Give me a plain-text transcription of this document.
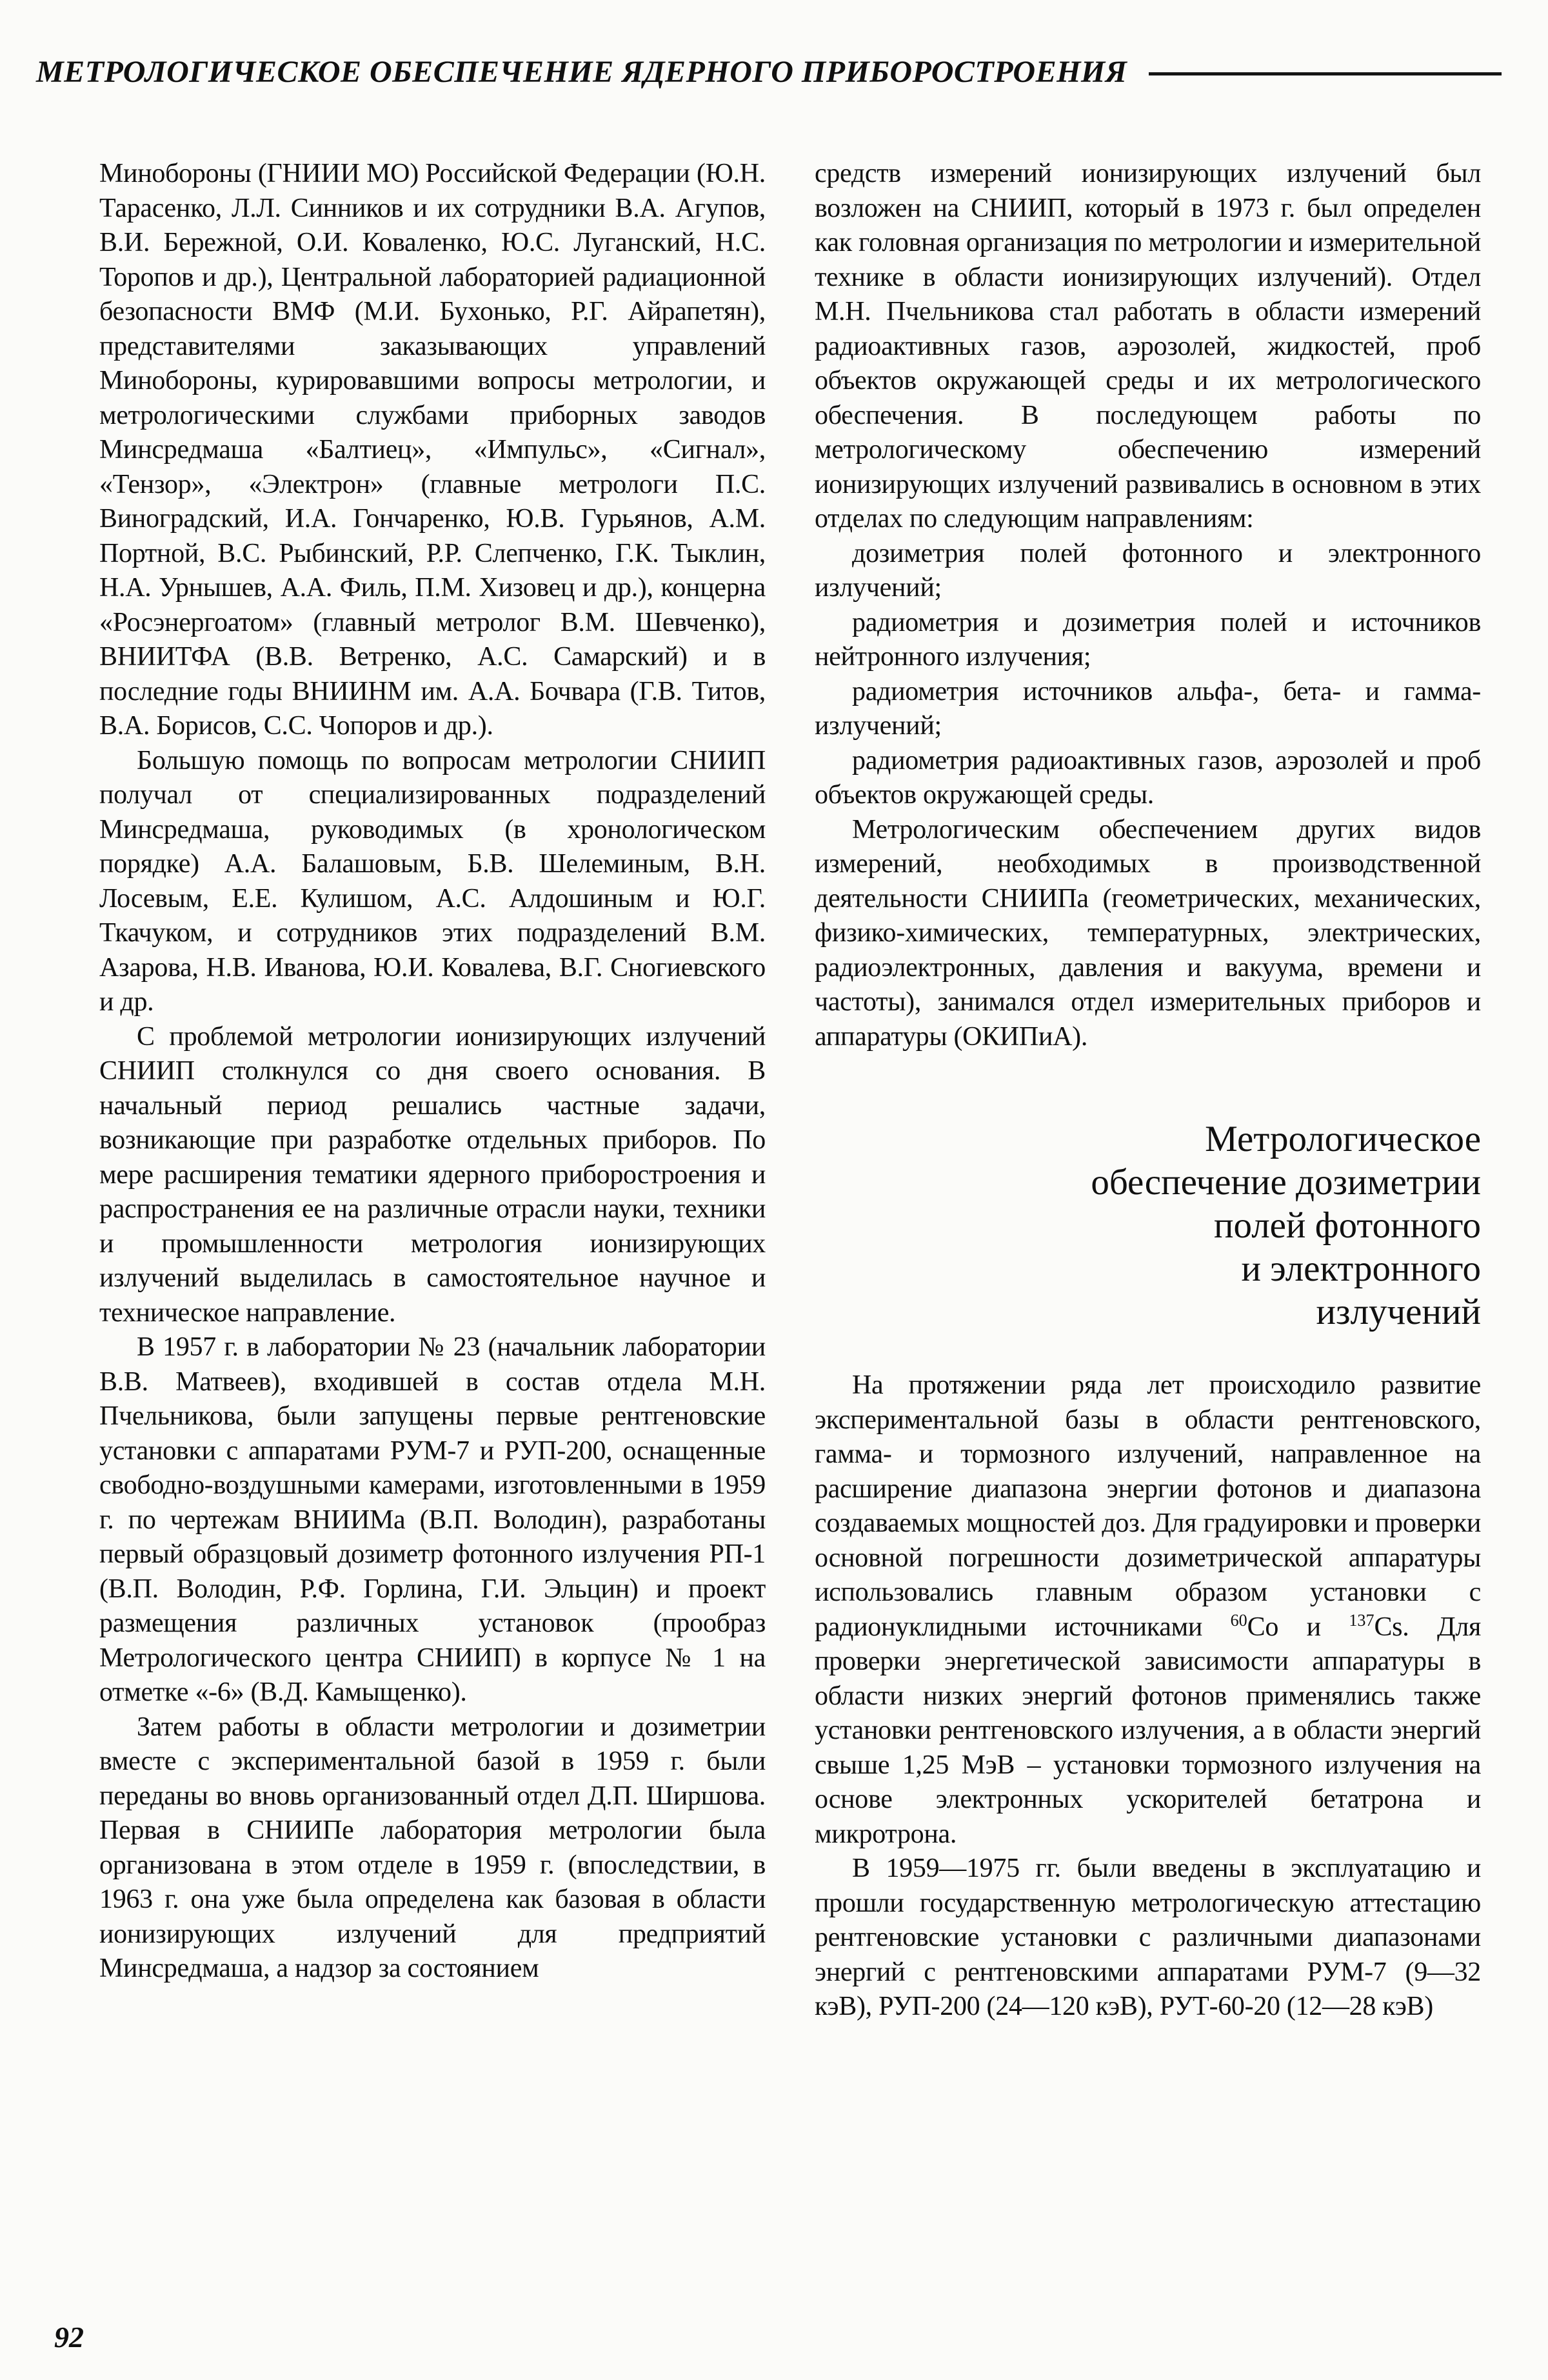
МЕТРОЛОГИЧЕСКОЕ ОБЕСПЕЧЕНИЕ ЯДЕРНОГО ПРИБОРОСТРОЕНИЯ

Минобороны (ГНИИИ МО) Российской Федерации (Ю.Н. Тарасенко, Л.Л. Синников и их сотрудники В.А. Агупов, В.И. Бережной, О.И. Коваленко, Ю.С. Луганский, Н.С. Торопов и др.), Центральной лабораторией радиационной безопасности ВМФ (М.И. Бухонько, Р.Г. Айрапетян), представителями заказывающих управлений Минобороны, курировавшими вопросы метрологии, и метрологическими службами приборных заводов Минсредмаша «Балтиец», «Импульс», «Сигнал», «Тензор», «Электрон» (главные метрологи П.С. Виноградский, И.А. Гончаренко, Ю.В. Гурьянов, А.М. Портной, В.С. Рыбинский, Р.Р. Слепченко, Г.К. Тыклин, Н.А. Урнышев, А.А. Филь, П.М. Хизовец и др.), концерна «Росэнергоатом» (главный метролог В.М. Шевченко), ВНИИТФА (В.В. Ветренко, А.С. Самарский) и в последние годы ВНИИНМ им. А.А. Бочвара (Г.В. Титов, В.А. Борисов, С.С. Чопоров и др.).

Большую помощь по вопросам метрологии СНИИП получал от специализированных подразделений Минсредмаша, руководимых (в хронологическом порядке) А.А. Балашовым, Б.В. Шелеминым, В.Н. Лосевым, Е.Е. Кулишом, А.С. Алдошиным и Ю.Г. Ткачуком, и сотрудников этих подразделений В.М. Азарова, Н.В. Иванова, Ю.И. Ковалева, В.Г. Сногиевского и др.

С проблемой метрологии ионизирующих излучений СНИИП столкнулся со дня своего основания. В начальный период решались частные задачи, возникающие при разработке отдельных приборов. По мере расширения тематики ядерного приборостроения и распространения ее на различные отрасли науки, техники и промышленности метрология ионизирующих излучений выделилась в самостоятельное научное и техническое направление.

В 1957 г. в лаборатории № 23 (начальник лаборатории В.В. Матвеев), входившей в состав отдела М.Н. Пчельникова, были запущены первые рентгеновские установки с аппаратами РУМ-7 и РУП-200, оснащенные свободно-воздушными камерами, изготовленными в 1959 г. по чертежам ВНИИМа (В.П. Володин), разработаны первый образцовый дозиметр фотонного излучения РП-1 (В.П. Володин, Р.Ф. Горлина, Г.И. Эльцин) и проект размещения различных установок (прообраз Метрологического центра СНИИП) в корпусе № 1 на отметке «-6» (В.Д. Камыщенко).

Затем работы в области метрологии и дозиметрии вместе с экспериментальной базой в 1959 г. были переданы во вновь организованный отдел Д.П. Ширшова. Первая в СНИИПе лаборатория метрологии была организована в этом отделе в 1959 г. (впоследствии, в 1963 г. она уже была определена как базовая в области ионизирующих излучений для предприятий Минсредмаша, а надзор за состоянием

средств измерений ионизирующих излучений был возложен на СНИИП, который в 1973 г. был определен как головная организация по метрологии и измерительной технике в области ионизирующих излучений). Отдел М.Н. Пчельникова стал работать в области измерений радиоактивных газов, аэрозолей, жидкостей, проб объектов окружающей среды и их метрологического обеспечения. В последующем работы по метрологическому обеспечению измерений ионизирующих излучений развивались в основном в этих отделах по следующим направлениям:

дозиметрия полей фотонного и электронного излучений;

радиометрия и дозиметрия полей и источников нейтронного излучения;

радиометрия источников альфа-, бета- и гамма-излучений;

радиометрия радиоактивных газов, аэрозолей и проб объектов окружающей среды.

Метрологическим обеспечением других видов измерений, необходимых в производственной деятельности СНИИПа (геометрических, механических, физико-химических, температурных, электрических, радиоэлектронных, давления и вакуума, времени и частоты), занимался отдел измерительных приборов и аппаратуры (ОКИПиА).

Метрологическое
обеспечение дозиметрии
полей фотонного
и электронного
излучений

На протяжении ряда лет происходило развитие экспериментальной базы в области рентгеновского, гамма- и тормозного излучений, направленное на расширение диапазона энергии фотонов и диапазона создаваемых мощностей доз. Для градуировки и проверки основной погрешности дозиметрической аппаратуры использовались главным образом установки с радионуклидными источниками $^{60}$Co и $^{137}$Cs. Для проверки энергетической зависимости аппаратуры в области низких энергий фотонов применялись также установки рентгеновского излучения, а в области энергий свыше 1,25 МэВ – установки тормозного излучения на основе электронных ускорителей бетатрона и микротрона.

В 1959—1975 гг. были введены в эксплуатацию и прошли государственную метрологическую аттестацию рентгеновские установки с различными диапазонами энергий с рентгеновскими аппаратами РУМ-7 (9—32 кэВ), РУП-200 (24—120 кэВ), РУТ-60-20 (12—28 кэВ)

92
